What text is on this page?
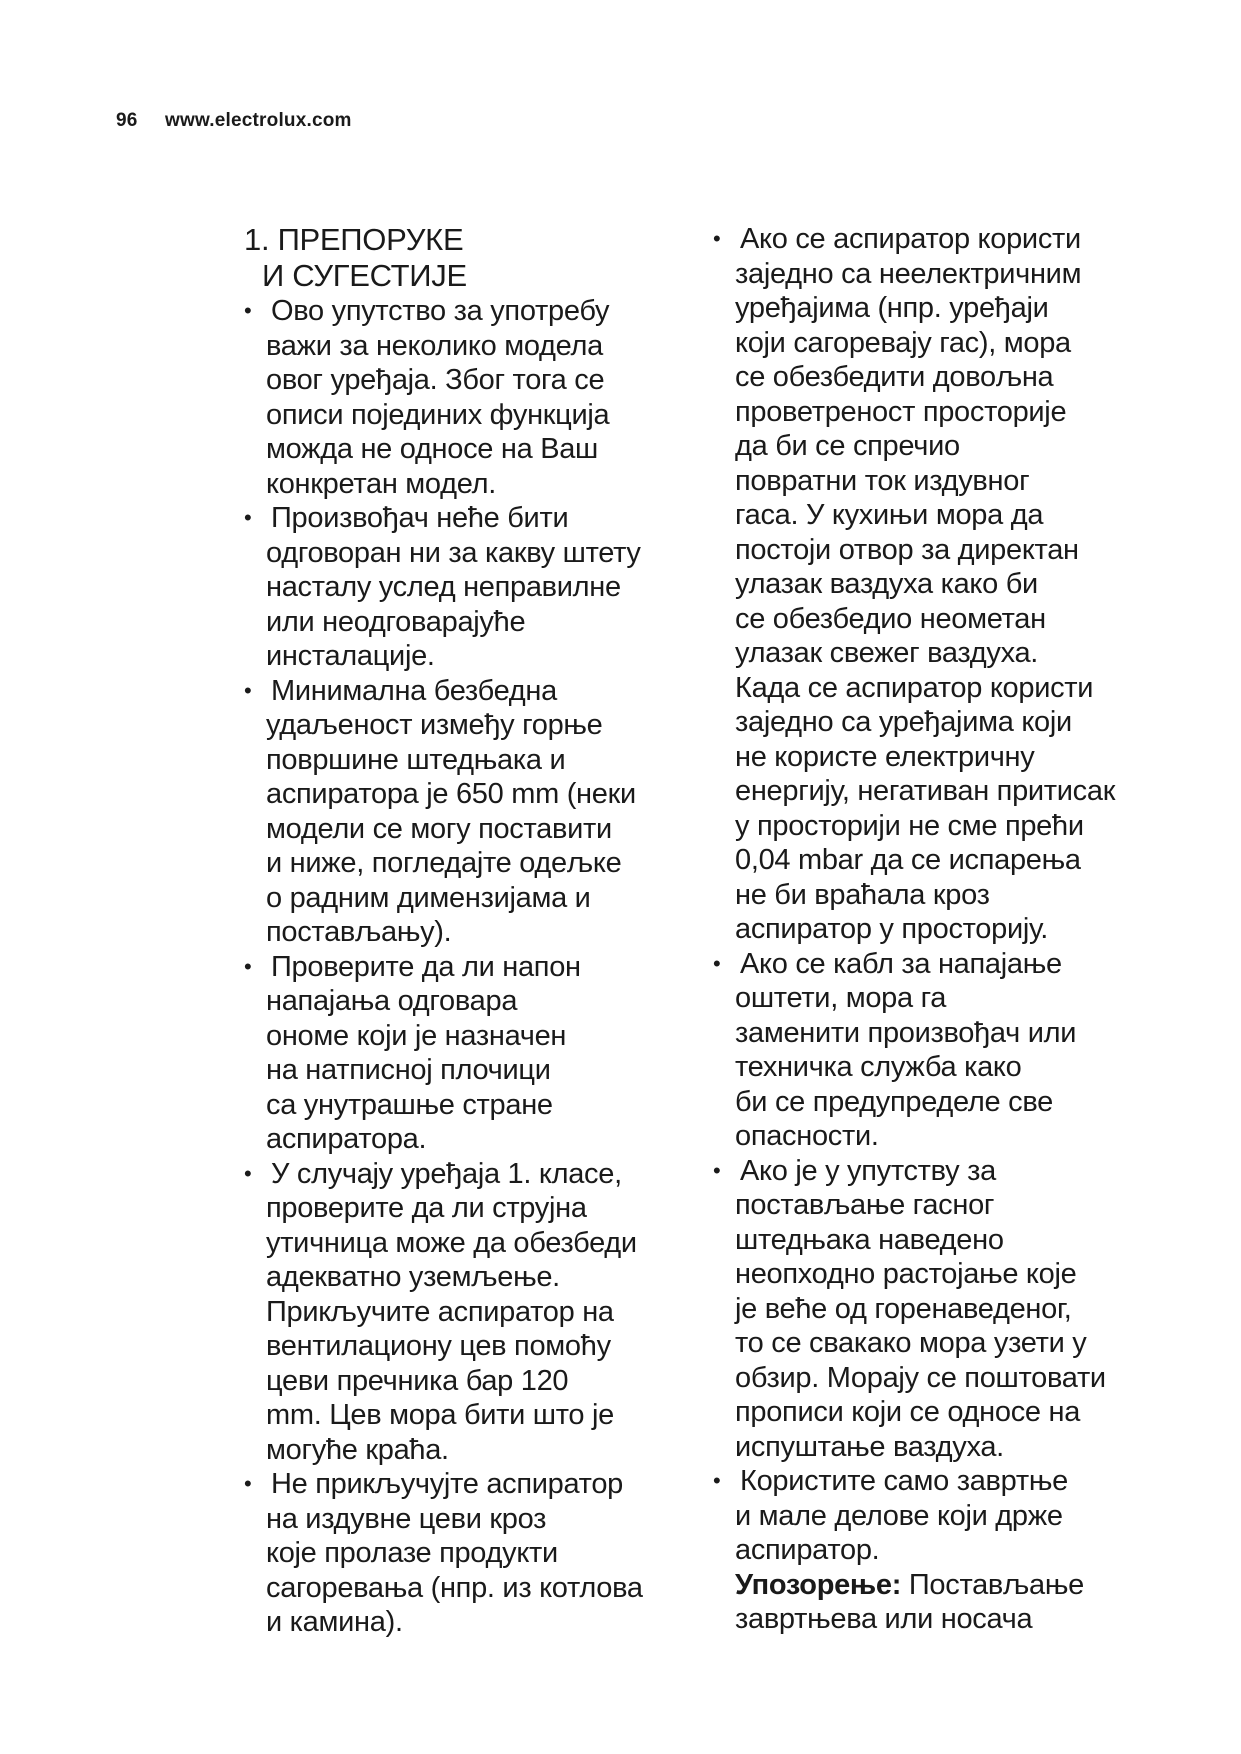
96 www.electrolux.com
1. ПРЕПОРУКЕ
И СУГЕСТИЈЕ
• Ово упутство за употребу
важи за неколико модела
овог уређаја. Због тога се
описи појединих функција
можда не односе на Ваш
конкретан модел.
• Произвођач неће бити
одговоран ни за какву штету
насталу услед неправилне
или неодговарајуће
инсталације.
• Минимална безбедна
удаљеност између горње
површине штедњака и
аспиратора је 650 mm (неки
модели се могу поставити
и ниже, погледајте одељке
о радним димензијама и
постављању).
• Проверите да ли напон
напајања одговара
ономе који је назначен
на натписној плочици
са унутрашње стране
аспиратора.
• У случају уређаја 1. класе,
проверите да ли струјна
утичница може да обезбеди
адекватно уземљење.
Прикључите аспиратор на
вентилациону цев помоћу
цеви пречника бар 120
mm. Цев мора бити што је
могуће краћа.
• Не прикључујте аспиратор
на издувне цеви кроз
које пролазе продукти
сагоревања (нпр. из котлова
и камина).
• Ако се аспиратор користи
заједно са неелектричним
уређајима (нпр. уређаји
који сагоревају гас), мора
се обезбедити довољна
проветреност просторије
да би се спречио
повратни ток издувног
гаса. У кухињи мора да
постоји отвор за директан
улазак ваздуха како би
се обезбедио неометан
улазак свежег ваздуха.
Када се аспиратор користи
заједно са уређајима који
не користе електричну
енергију, негативан притисак
у просторији не сме прећи
0,04 mbar да се испарења
не би враћала кроз
аспиратор у просторију.
• Ако се кабл за напајање
оштети, мора га
заменити произвођач или
техничка служба како
би се предупределе све
опасности.
• Ако је у упутству за
постављање гасног
штедњака наведено
неопходно растојање које
је веће од горенаведеног,
то се свакако мора узети у
обзир. Морају се поштовати
прописи који се односе на
испуштање ваздуха.
• Користите само завртње
и мале делове који држе
аспиратор.
Упозорење: Постављање
завртњева или носача
